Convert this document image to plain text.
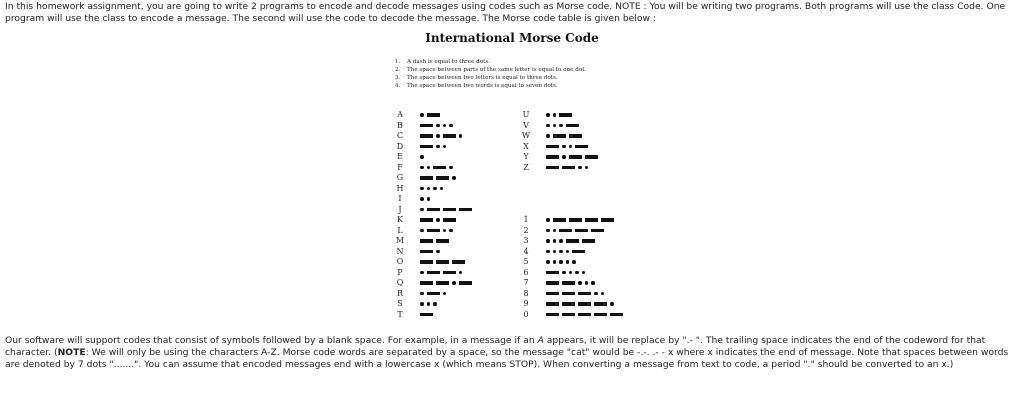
In this homework assignment, you are going to write 2 programs to encode and decode messages using codes such as Morse code. NOTE : You will be writing two programs. Both programs will use the class Code. One program will use the class to encode a message. The second will use the code to decode the message. The Morse code table is given below :

International Morse Code
1. A dash is equal to three dots.
2. The space between parts of the same letter is equal to one dot.
3. The space between two letters is equal to three dots.
4. The space between two words is equal to seven dots.
A
B
C
D
E
F
G
H
I
J
K
L
M
N
O
P
Q
R
S
T
U
V
W
X
Y
Z
1
2
3
4
5
6
7
8
9
0

Our software will support codes that consist of symbols followed by a blank space. For example, in a message if an A appears, it will be replace by ".- ". The trailing space indicates the end of the codeword for that character. (NOTE: We will only be using the characters A-Z. Morse code words are separated by a space, so the message "cat" would be -.-. .- - x where x indicates the end of message. Note that spaces between words are denoted by 7 dots ".......". You can assume that encoded messages end with a lowercase x (which means STOP). When converting a message from text to code, a period "." should be converted to an x.)
